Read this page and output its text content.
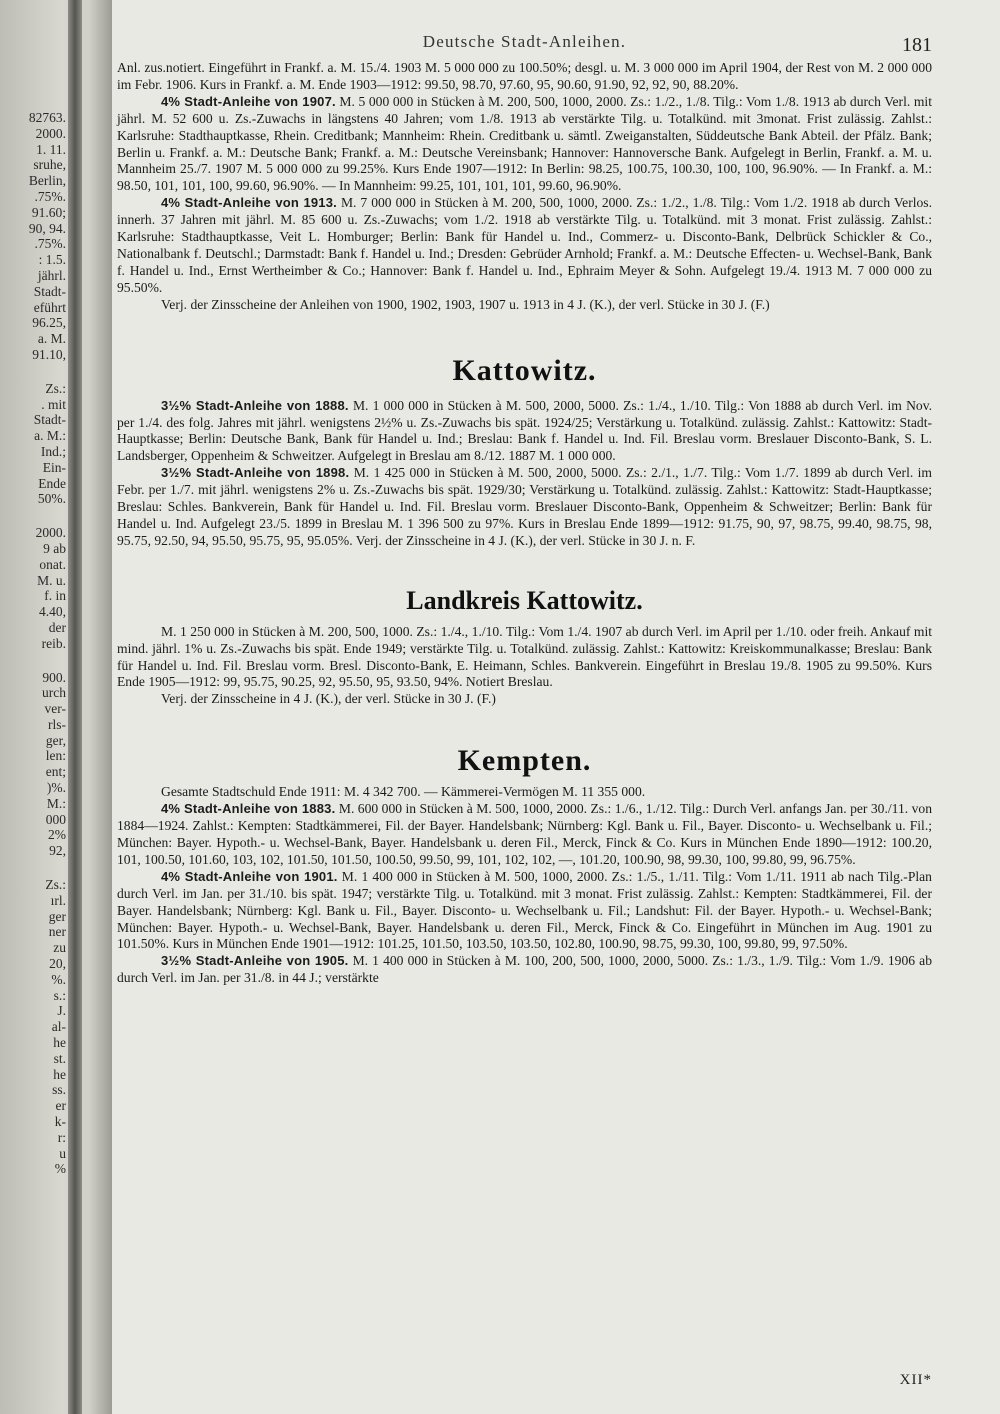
82763.
2000.
1. 11.
sruhe,
Berlin,
.75%.
91.60;
90, 94.
.75%.
: 1.5.
jährl.
Stadt-
eführt
96.25,
a. M.
91.10,
Zs.:
. mit
Stadt-
a. M.:
Ind.;
Ein-
Ende
50%.
2000.
9 ab
onat.
M. u.
f. in
4.40,
der
reib.
900.
urch
ver-
rls-
ger,
len:
ent;
)%.
M.:
000
2%
92,
Zs.:
ırl.
ger
ner
zu
20,
%.
s.:
J.
al-
he
st.
he
ss.
er
k-
r:
u
%
Deutsche Stadt-Anleihen.	181

Anl. zus.notiert. Eingeführt in Frankf. a. M. 15./4. 1903 M. 5 000 000 zu 100.50%; desgl. u. M. 3 000 000 im April 1904, der Rest von M. 2 000 000 im Febr. 1906. Kurs in Frankf. a. M. Ende 1903—1912: 99.50, 98.70, 97.60, 95, 90.60, 91.90, 92, 92, 90, 88.20%.

4% Stadt-Anleihe von 1907. M. 5 000 000 in Stücken à M. 200, 500, 1000, 2000. Zs.: 1./2., 1./8. Tilg.: Vom 1./8. 1913 ab durch Verl. mit jährl. M. 52 600 u. Zs.-Zuwachs in längstens 40 Jahren; vom 1./8. 1913 ab verstärkte Tilg. u. Totalkünd. mit 3monat. Frist zulässig. Zahlst.: Karlsruhe: Stadthauptkasse, Rhein. Creditbank; Mannheim: Rhein. Creditbank u. sämtl. Zweiganstalten, Süddeutsche Bank Abteil. der Pfälz. Bank; Berlin u. Frankf. a. M.: Deutsche Bank; Frankf. a. M.: Deutsche Vereinsbank; Hannover: Hannoversche Bank. Aufgelegt in Berlin, Frankf. a. M. u. Mannheim 25./7. 1907 M. 5 000 000 zu 99.25%. Kurs Ende 1907—1912: In Berlin: 98.25, 100.75, 100.30, 100, 100, 96.90%. — In Frankf. a. M.: 98.50, 101, 101, 100, 99.60, 96.90%. — In Mannheim: 99.25, 101, 101, 101, 99.60, 96.90%.

4% Stadt-Anleihe von 1913. M. 7 000 000 in Stücken à M. 200, 500, 1000, 2000. Zs.: 1./2., 1./8. Tilg.: Vom 1./2. 1918 ab durch Verlos. innerh. 37 Jahren mit jährl. M. 85 600 u. Zs.-Zuwachs; vom 1./2. 1918 ab verstärkte Tilg. u. Totalkünd. mit 3 monat. Frist zulässig. Zahlst.: Karlsruhe: Stadthauptkasse, Veit L. Homburger; Berlin: Bank für Handel u. Ind., Commerz- u. Disconto-Bank, Delbrück Schickler & Co., Nationalbank f. Deutschl.; Darmstadt: Bank f. Handel u. Ind.; Dresden: Gebrüder Arnhold; Frankf. a. M.: Deutsche Effecten- u. Wechsel-Bank, Bank f. Handel u. Ind., Ernst Wertheimber & Co.; Hannover: Bank f. Handel u. Ind., Ephraim Meyer & Sohn. Aufgelegt 19./4. 1913 M. 7 000 000 zu 95.50%.

Verj. der Zinsscheine der Anleihen von 1900, 1902, 1903, 1907 u. 1913 in 4 J. (K.), der verl. Stücke in 30 J. (F.)

Kattowitz.

3½% Stadt-Anleihe von 1888. M. 1 000 000 in Stücken à M. 500, 2000, 5000. Zs.: 1./4., 1./10. Tilg.: Von 1888 ab durch Verl. im Nov. per 1./4. des folg. Jahres mit jährl. wenigstens 2½% u. Zs.-Zuwachs bis spät. 1924/25; Verstärkung u. Totalkünd. zulässig. Zahlst.: Kattowitz: Stadt-Hauptkasse; Berlin: Deutsche Bank, Bank für Handel u. Ind.; Breslau: Bank f. Handel u. Ind. Fil. Breslau vorm. Breslauer Disconto-Bank, S. L. Landsberger, Oppenheim & Schweitzer. Aufgelegt in Breslau am 8./12. 1887 M. 1 000 000.

3½% Stadt-Anleihe von 1898. M. 1 425 000 in Stücken à M. 500, 2000, 5000. Zs.: 2./1., 1./7. Tilg.: Vom 1./7. 1899 ab durch Verl. im Febr. per 1./7. mit jährl. wenigstens 2% u. Zs.-Zuwachs bis spät. 1929/30; Verstärkung u. Totalkünd. zulässig. Zahlst.: Kattowitz: Stadt-Hauptkasse; Breslau: Schles. Bankverein, Bank für Handel u. Ind. Fil. Breslau vorm. Breslauer Disconto-Bank, Oppenheim & Schweitzer; Berlin: Bank für Handel u. Ind. Aufgelegt 23./5. 1899 in Breslau M. 1 396 500 zu 97%. Kurs in Breslau Ende 1899—1912: 91.75, 90, 97, 98.75, 99.40, 98.75, 98, 95.75, 92.50, 94, 95.50, 95.75, 95, 95.05%. Verj. der Zinsscheine in 4 J. (K.), der verl. Stücke in 30 J. n. F.

Landkreis Kattowitz.

M. 1 250 000 in Stücken à M. 200, 500, 1000. Zs.: 1./4., 1./10. Tilg.: Vom 1./4. 1907 ab durch Verl. im April per 1./10. oder freih. Ankauf mit mind. jährl. 1% u. Zs.-Zuwachs bis spät. Ende 1949; verstärkte Tilg. u. Totalkünd. zulässig. Zahlst.: Kattowitz: Kreiskommunalkasse; Breslau: Bank für Handel u. Ind. Fil. Breslau vorm. Bresl. Disconto-Bank, E. Heimann, Schles. Bankverein. Eingeführt in Breslau 19./8. 1905 zu 99.50%. Kurs Ende 1905—1912: 99, 95.75, 90.25, 92, 95.50, 95, 93.50, 94%. Notiert Breslau.

Verj. der Zinsscheine in 4 J. (K.), der verl. Stücke in 30 J. (F.)

Kempten.

Gesamte Stadtschuld Ende 1911: M. 4 342 700. — Kämmerei-Vermögen M. 11 355 000.

4% Stadt-Anleihe von 1883. M. 600 000 in Stücken à M. 500, 1000, 2000. Zs.: 1./6., 1./12. Tilg.: Durch Verl. anfangs Jan. per 30./11. von 1884—1924. Zahlst.: Kempten: Stadtkämmerei, Fil. der Bayer. Handelsbank; Nürnberg: Kgl. Bank u. Fil., Bayer. Disconto- u. Wechselbank u. Fil.; München: Bayer. Hypoth.- u. Wechsel-Bank, Bayer. Handelsbank u. deren Fil., Merck, Finck & Co. Kurs in München Ende 1890—1912: 100.20, 101, 100.50, 101.60, 103, 102, 101.50, 101.50, 100.50, 99.50, 99, 101, 102, 102, —, 101.20, 100.90, 98, 99.30, 100, 99.80, 99, 96.75%.

4% Stadt-Anleihe von 1901. M. 1 400 000 in Stücken à M. 500, 1000, 2000. Zs.: 1./5., 1./11. Tilg.: Vom 1./11. 1911 ab nach Tilg.-Plan durch Verl. im Jan. per 31./10. bis spät. 1947; verstärkte Tilg. u. Totalkünd. mit 3 monat. Frist zulässig. Zahlst.: Kempten: Stadtkämmerei, Fil. der Bayer. Handelsbank; Nürnberg: Kgl. Bank u. Fil., Bayer. Disconto- u. Wechselbank u. Fil.; Landshut: Fil. der Bayer. Hypoth.- u. Wechsel-Bank; München: Bayer. Hypoth.- u. Wechsel-Bank, Bayer. Handelsbank u. deren Fil., Merck, Finck & Co. Eingeführt in München im Aug. 1901 zu 101.50%. Kurs in München Ende 1901—1912: 101.25, 101.50, 103.50, 103.50, 102.80, 100.90, 98.75, 99.30, 100, 99.80, 99, 97.50%.

3½% Stadt-Anleihe von 1905. M. 1 400 000 in Stücken à M. 100, 200, 500, 1000, 2000, 5000. Zs.: 1./3., 1./9. Tilg.: Vom 1./9. 1906 ab durch Verl. im Jan. per 31./8. in 44 J.; verstärkte

XII*
